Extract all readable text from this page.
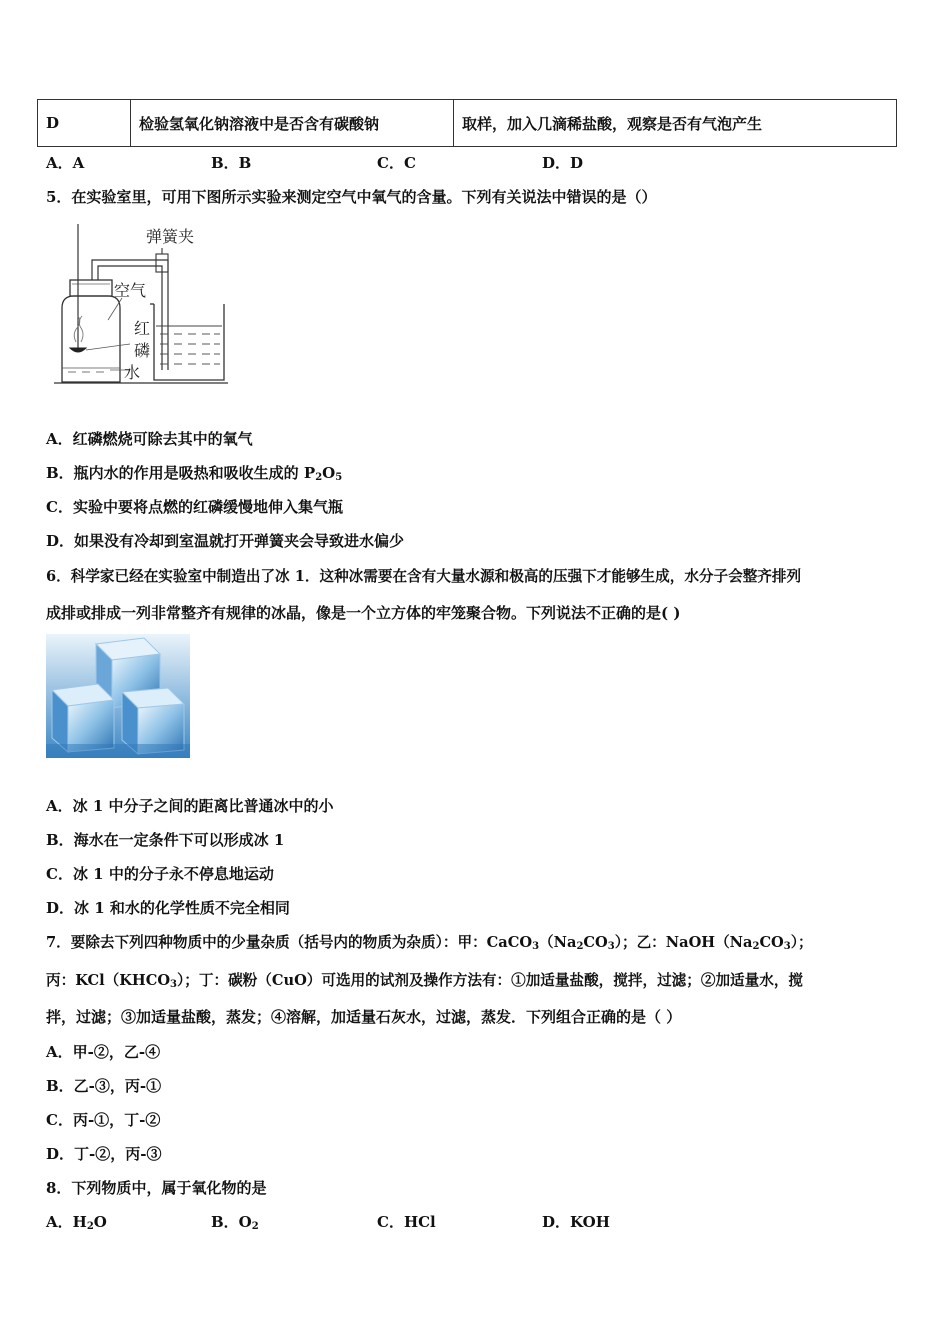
D	检验氢氧化钠溶液中是否含有碳酸钠	取样，加入几滴稀盐酸，观察是否有气泡产生
A．A	B．B	C．C	D．D
5．在实验室里，可用下图所示实验来测定空气中氧气的含量。下列有关说法中错误的是（）
弹簧夹
空气
红
磷
水
A．红磷燃烧可除去其中的氧气
B．瓶内水的作用是吸热和吸收生成的 $P_2O_5$
C．实验中要将点燃的红磷缓慢地伸入集气瓶
D．如果没有冷却到室温就打开弹簧夹会导致进水偏少
6．科学家已经在实验室中制造出了冰 1．这种冰需要在含有大量水源和极高的压强下才能够生成，水分子会整齐排列
成排或排成一列非常整齐有规律的冰晶，像是一个立方体的牢笼聚合物。下列说法不正确的是( )
A．冰 1 中分子之间的距离比普通冰中的小
B．海水在一定条件下可以形成冰 1
C．冰 1 中的分子永不停息地运动
D．冰 1 和水的化学性质不完全相同
7．要除去下列四种物质中的少量杂质（括号内的物质为杂质）：甲：$CaCO_3(Na_2CO_3)$；乙：$NaOH(Na_2CO_3)$；
丙：$KCl(KHCO_3)$；丁：碳粉（CuO）可选用的试剂及操作方法有：①加适量盐酸，搅拌，过滤；②加适量水，搅
拌，过滤；③加适量盐酸，蒸发；④溶解，加适量石灰水，过滤，蒸发．下列组合正确的是（ ）
A．甲-②，乙-④
B．乙-③，丙-①
C．丙-①，丁-②
D．丁-②，丙-③
8．下列物质中，属于氧化物的是
A．$H_2O$	B．$O_2$	C．HCl	D．KOH
